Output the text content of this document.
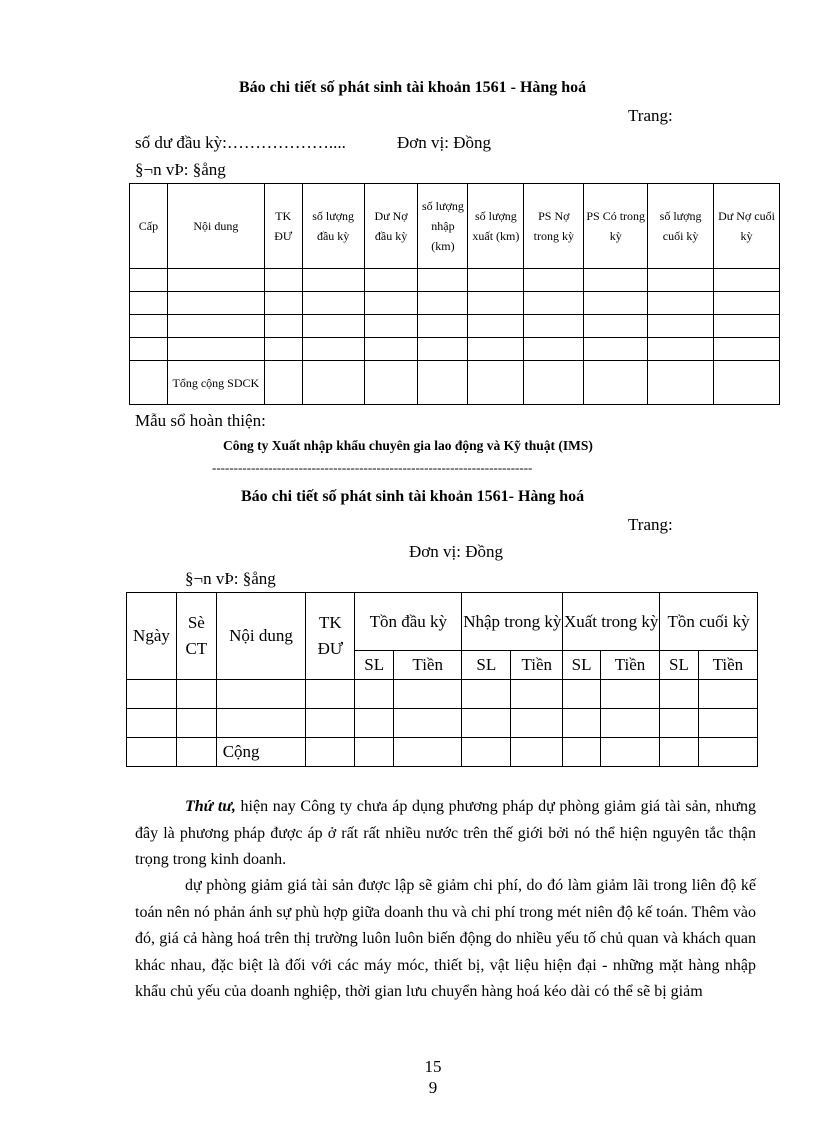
Báo chi tiết số phát sinh tài khoản 1561 - Hàng hoá
Trang:
số dư đầu kỳ:………………....	Đơn vị: Đồng
§¬n vÞ: §ång
Cấp	Nội dung	TK ĐƯ	số lượng đầu kỳ	Dư Nợ đầu kỳ	số lượng nhập (km)	số lượng xuất (km)	PS Nợ trong kỳ	PS Có trong kỳ	số lượng cuối kỳ	Dư Nợ cuối kỳ

	Tổng cộng SDCK									
Mẫu sổ hoàn thiện:
Công ty Xuất nhập khẩu chuyên gia lao động và Kỹ thuật (IMS)
--------------------------------------------------------------------------
Báo chi tiết số phát sinh tài khoản 1561- Hàng hoá
Trang:
Đơn vị: Đồng
§¬n vÞ: §ång
Ngày	Sè CT	Nội dung	TK ĐƯ	Tồn đầu kỳ		Nhập trong kỳ		Xuất trong kỳ		Tồn cuối kỳ	
				SL	Tiền	SL	Tiền	SL	Tiền	SL	Tiền

		Cộng									
Thứ tư, hiện nay Công ty chưa áp dụng phương pháp dự phòng giảm giá tài sản, nhưng đây là phương pháp được áp ở rất rất nhiều nước trên thế giới bởi nó thể hiện nguyên tắc thận trọng trong kinh doanh.
dự phòng giảm giá tài sản được lập sẽ giảm chi phí, do đó làm giảm lãi trong liên độ kế toán nên nó phản ánh sự phù hợp giữa doanh thu và chi phí trong mét niên độ kế toán. Thêm vào đó, giá cả hàng hoá trên thị trường luôn luôn biến động do nhiều yếu tố chủ quan và khách quan khác nhau, đặc biệt là đối với các máy móc, thiết bị, vật liệu hiện đại - những mặt hàng nhập khẩu chủ yếu của doanh nghiệp, thời gian lưu chuyển hàng hoá kéo dài có thể sẽ bị giảm
15
9
